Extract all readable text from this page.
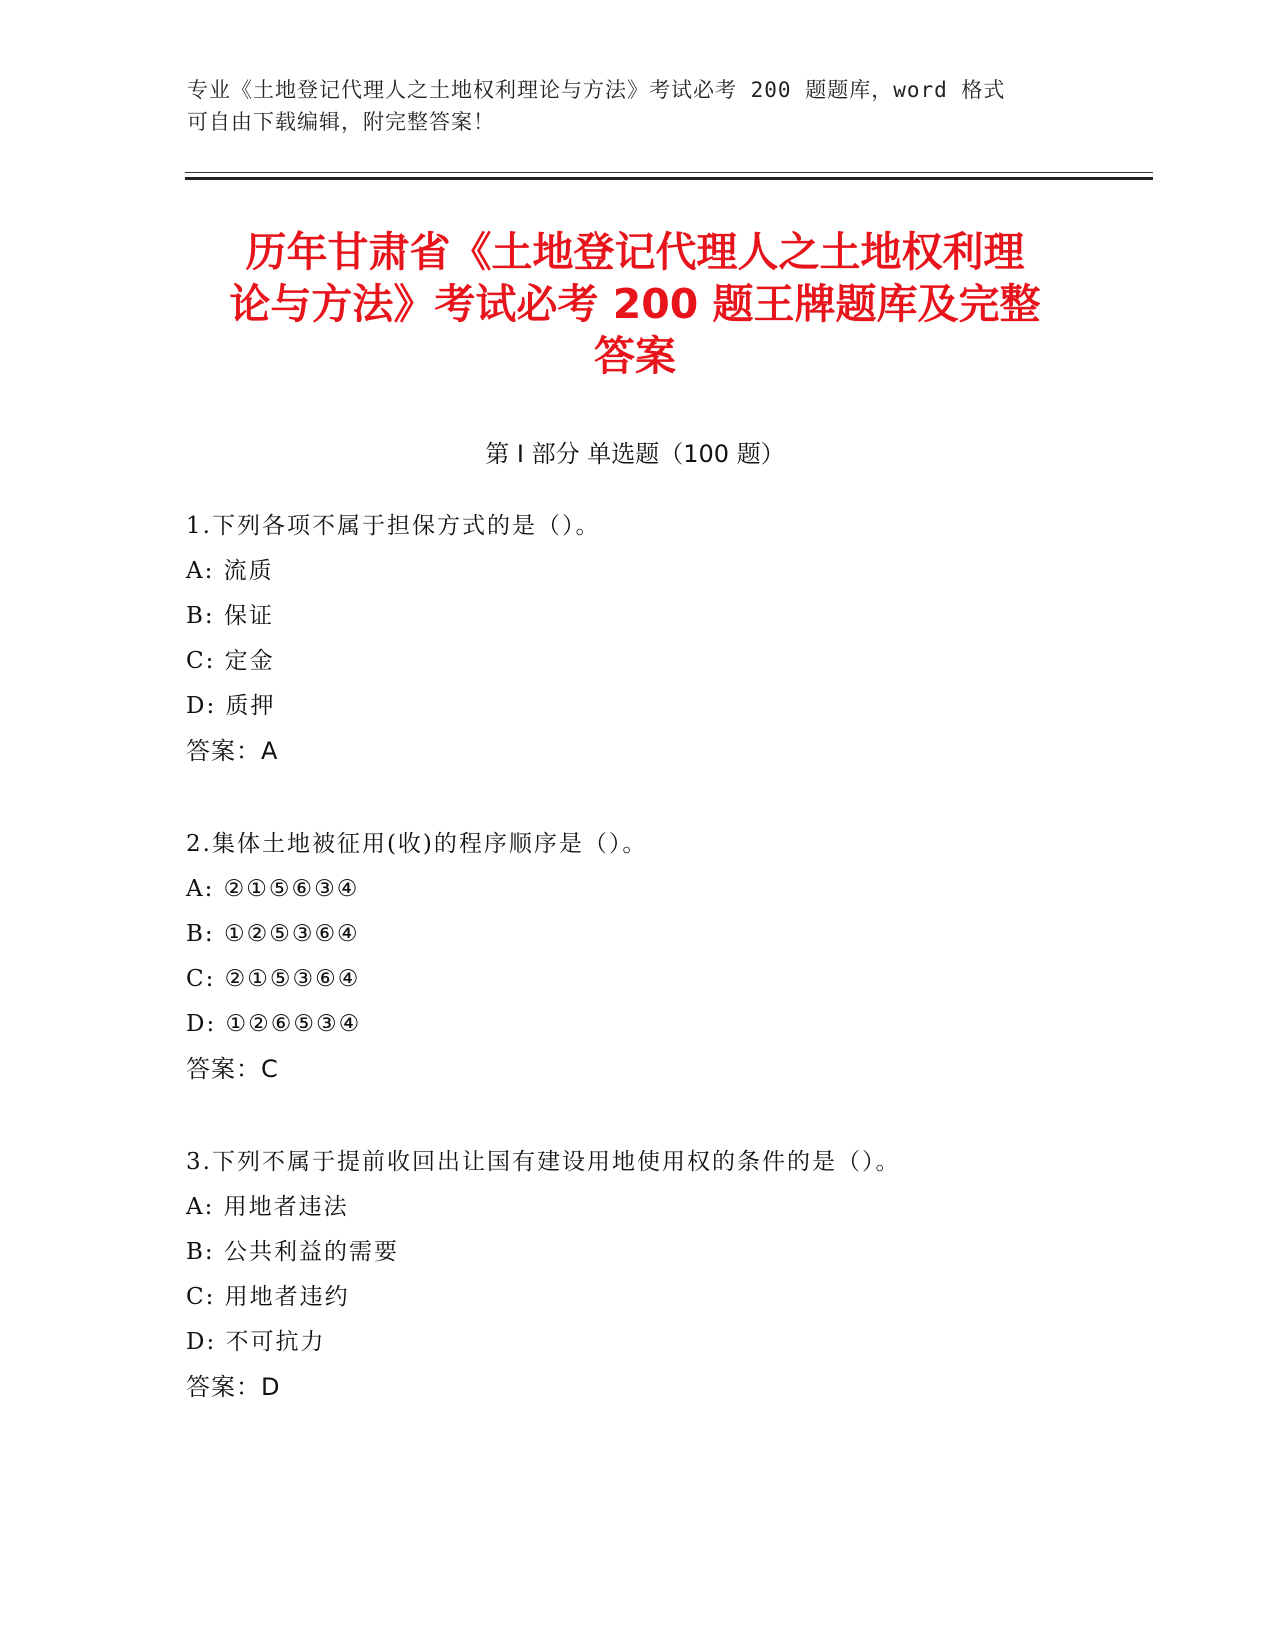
专业《土地登记代理人之土地权利理论与方法》考试必考 200 题题库，word 格式
可自由下载编辑，附完整答案！
历年甘肃省《土地登记代理人之土地权利理
论与方法》考试必考 200 题王牌题库及完整
答案
第 I 部分 单选题（100 题）
1.下列各项不属于担保方式的是（）。
A: 流质
B: 保证
C: 定金
D: 质押
答案：A
2.集体土地被征用(收)的程序顺序是（）。
A: ②①⑤⑥③④
B: ①②⑤③⑥④
C: ②①⑤③⑥④
D: ①②⑥⑤③④
答案：C
3.下列不属于提前收回出让国有建设用地使用权的条件的是（）。
A: 用地者违法
B: 公共利益的需要
C: 用地者违约
D: 不可抗力
答案：D
